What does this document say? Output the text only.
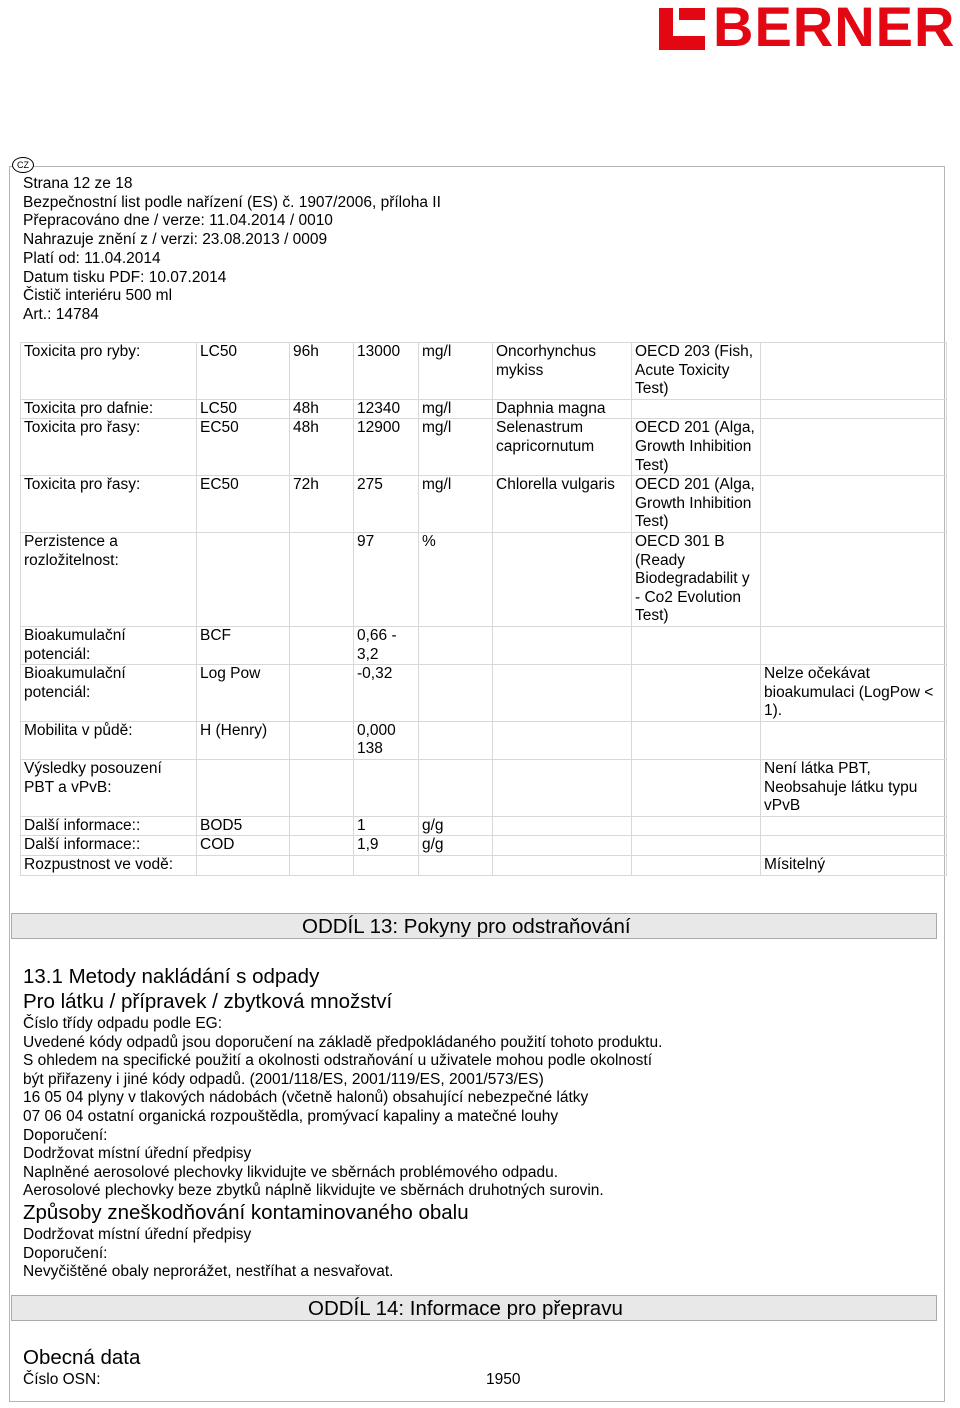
BERNER
CZ
Strana 12 ze 18
Bezpečnostní list podle nařízení (ES) č. 1907/2006, příloha II
Přepracováno dne / verze: 11.04.2014 / 0010
Nahrazuje znění z / verzi: 23.08.2013 / 0009
Platí od: 11.04.2014
Datum tisku PDF: 10.07.2014
Čistič interiéru 500 ml
Art.: 14784
Toxicita pro ryby:	LC50	96h	13000	mg/l	Oncorhynchus mykiss	OECD 203 (Fish, Acute Toxicity Test)	
Toxicita pro dafnie:	LC50	48h	12340	mg/l	Daphnia magna		
Toxicita pro řasy:	EC50	48h	12900	mg/l	Selenastrum capricornutum	OECD 201 (Alga, Growth Inhibition Test)	
Toxicita pro řasy:	EC50	72h	275	mg/l	Chlorella vulgaris	OECD 201 (Alga, Growth Inhibition Test)	
Perzistence a rozložitelnost:			97	%		OECD 301 B (Ready Biodegradabilit y - Co2 Evolution Test)	
Bioakumulační potenciál:	BCF		0,66 - 3,2				
Bioakumulační potenciál:	Log Pow		-0,32				Nelze očekávat bioakumulaci (LogPow < 1).
Mobilita v půdě:	H (Henry)		0,000 138				
Výsledky posouzení PBT a vPvB:							Není látka PBT, Neobsahuje látku typu vPvB
Další informace::	BOD5		1	g/g			
Další informace::	COD		1,9	g/g			
Rozpustnost ve vodě:							Mísitelný
ODDÍL 13: Pokyny pro odstraňování
13.1 Metody nakládání s odpady
Pro látku / přípravek / zbytková množství
Číslo třídy odpadu podle EG:
Uvedené kódy odpadů jsou doporučení na základě předpokládaného použití tohoto produktu.
S ohledem na specifické použití a okolnosti odstraňování u uživatele mohou podle okolností
být přiřazeny i jiné kódy odpadů. (2001/118/ES, 2001/119/ES, 2001/573/ES)
16 05 04 plyny v tlakových nádobách (včetně halonů) obsahující nebezpečné látky
07 06 04 ostatní organická rozpouštědla, promývací kapaliny a matečné louhy
Doporučení:
Dodržovat místní úřední předpisy
Naplněné aerosolové plechovky likvidujte ve sběrnách problémového odpadu.
Aerosolové plechovky beze zbytků náplně likvidujte ve sběrnách druhotných surovin.
Způsoby zneškodňování kontaminovaného obalu
Dodržovat místní úřední předpisy
Doporučení:
Nevyčištěné obaly neprorážet, nestříhat a nesvařovat.
ODDÍL 14: Informace pro přepravu
Obecná data
Číslo OSN:	1950
